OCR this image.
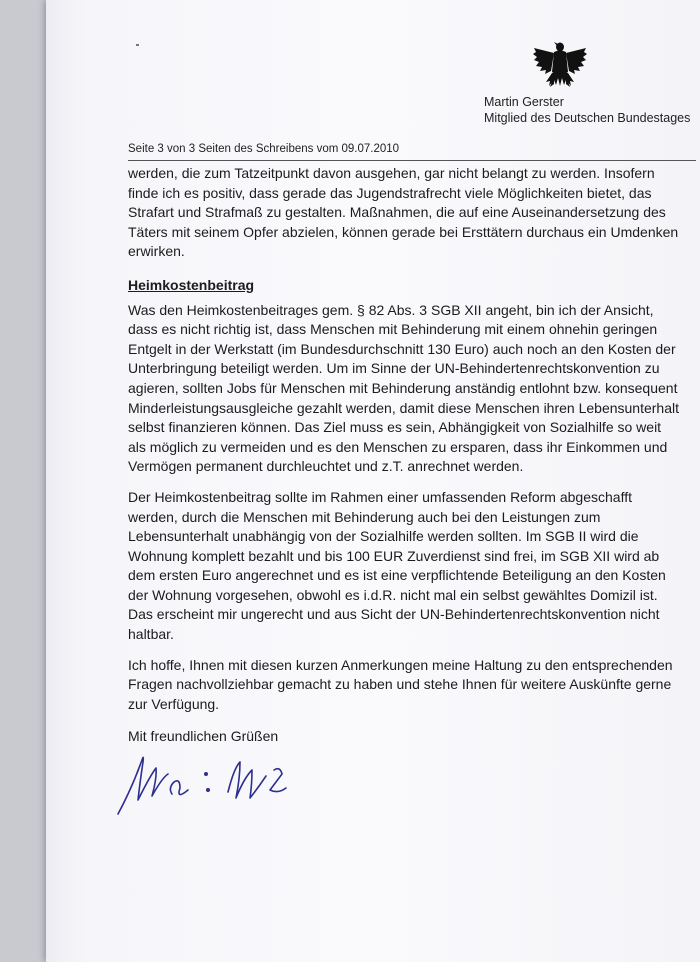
Martin Gerster
Mitglied des Deutschen Bundestages
Seite 3 von 3 Seiten des Schreibens vom 09.07.2010

werden, die zum Tatzeitpunkt davon ausgehen, gar nicht belangt zu werden. Insofern finde ich es positiv, dass gerade das Jugendstrafrecht viele Möglichkeiten bietet, das Strafart und Strafmaß zu gestalten. Maßnahmen, die auf eine Auseinandersetzung des Täters mit seinem Opfer abzielen, können gerade bei Ersttätern durchaus ein Umdenken erwirken.

Heimkostenbeitrag

Was den Heimkostenbeitrages gem. § 82 Abs. 3 SGB XII angeht, bin ich der Ansicht, dass es nicht richtig ist, dass Menschen mit Behinderung mit einem ohnehin geringen Entgelt in der Werkstatt (im Bundesdurchschnitt 130 Euro) auch noch an den Kosten der Unterbringung beteiligt werden. Um im Sinne der UN-Behindertenrechtskonvention zu agieren, sollten Jobs für Menschen mit Behinderung anständig entlohnt bzw. konsequent Minderleistungsausgleiche gezahlt werden, damit diese Menschen ihren Lebensunterhalt selbst finanzieren können. Das Ziel muss es sein, Abhängigkeit von Sozialhilfe so weit als möglich zu vermeiden und es den Menschen zu ersparen, dass ihr Einkommen und Vermögen permanent durchleuchtet und z.T. anrechnet werden.

Der Heimkostenbeitrag sollte im Rahmen einer umfassenden Reform abgeschafft werden, durch die Menschen mit Behinderung auch bei den Leistungen zum Lebensunterhalt unabhängig von der Sozialhilfe werden sollten. Im SGB II wird die Wohnung komplett bezahlt und bis 100 EUR Zuverdienst sind frei, im SGB XII wird ab dem ersten Euro angerechnet und es ist eine verpflichtende Beteiligung an den Kosten der Wohnung vorgesehen, obwohl es i.d.R. nicht mal ein selbst gewähltes Domizil ist. Das erscheint mir ungerecht und aus Sicht der UN-Behindertenrechtskonvention nicht haltbar.

Ich hoffe, Ihnen mit diesen kurzen Anmerkungen meine Haltung zu den entsprechenden Fragen nachvollziehbar gemacht zu haben und stehe Ihnen für weitere Auskünfte gerne zur Verfügung.

Mit freundlichen Grüßen
